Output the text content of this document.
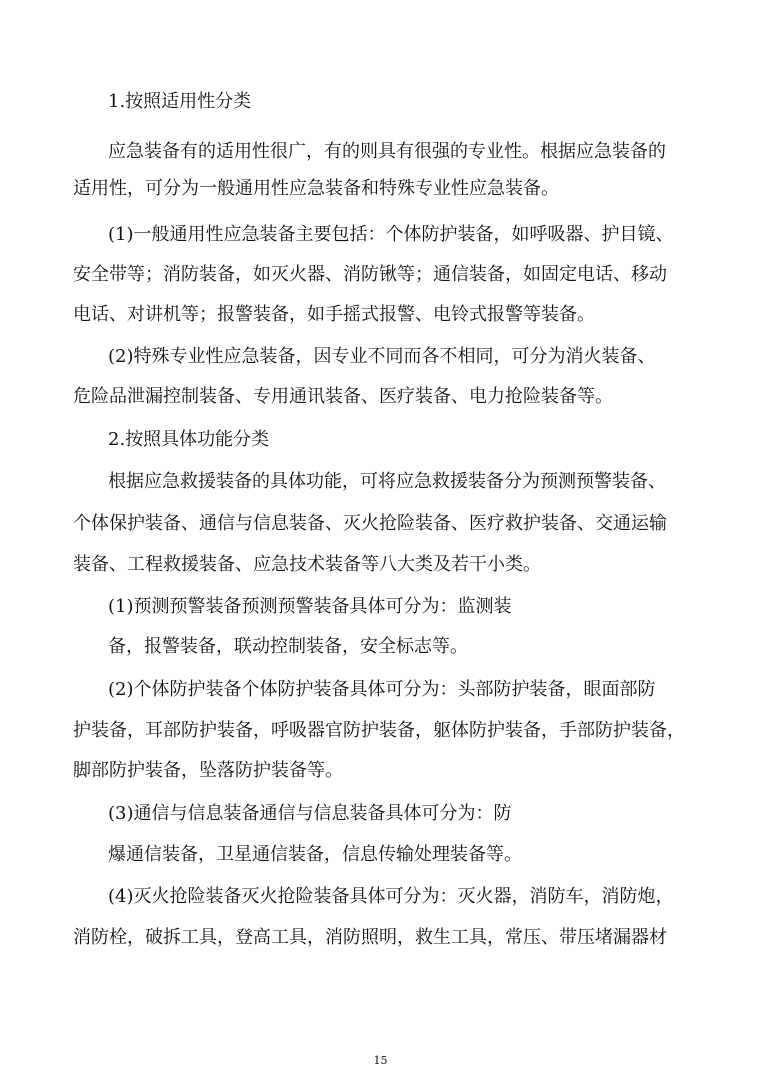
1.按照适用性分类
应急装备有的适用性很广，有的则具有很强的专业性。根据应急装备的
适用性，可分为一般通用性应急装备和特殊专业性应急装备。
(1)一般通用性应急装备主要包括：个体防护装备，如呼吸器、护目镜、
安全带等；消防装备，如灭火器、消防锹等；通信装备，如固定电话、移动
电话、对讲机等；报警装备，如手摇式报警、电铃式报警等装备。
(2)特殊专业性应急装备，因专业不同而各不相同，可分为消火装备、
危险品泄漏控制装备、专用通讯装备、医疗装备、电力抢险装备等。
2.按照具体功能分类
根据应急救援装备的具体功能，可将应急救援装备分为预测预警装备、
个体保护装备、通信与信息装备、灭火抢险装备、医疗救护装备、交通运输
装备、工程救援装备、应急技术装备等八大类及若干小类。
(1)预测预警装备预测预警装备具体可分为：监测装
备，报警装备，联动控制装备，安全标志等。
(2)个体防护装备个体防护装备具体可分为：头部防护装备，眼面部防
护装备，耳部防护装备，呼吸器官防护装备，躯体防护装备，手部防护装备，
脚部防护装备，坠落防护装备等。
(3)通信与信息装备通信与信息装备具体可分为：防
爆通信装备，卫星通信装备，信息传输处理装备等。
(4)灭火抢险装备灭火抢险装备具体可分为：灭火器，消防车，消防炮，
消防栓，破拆工具，登高工具，消防照明，救生工具，常压、带压堵漏器材
15
